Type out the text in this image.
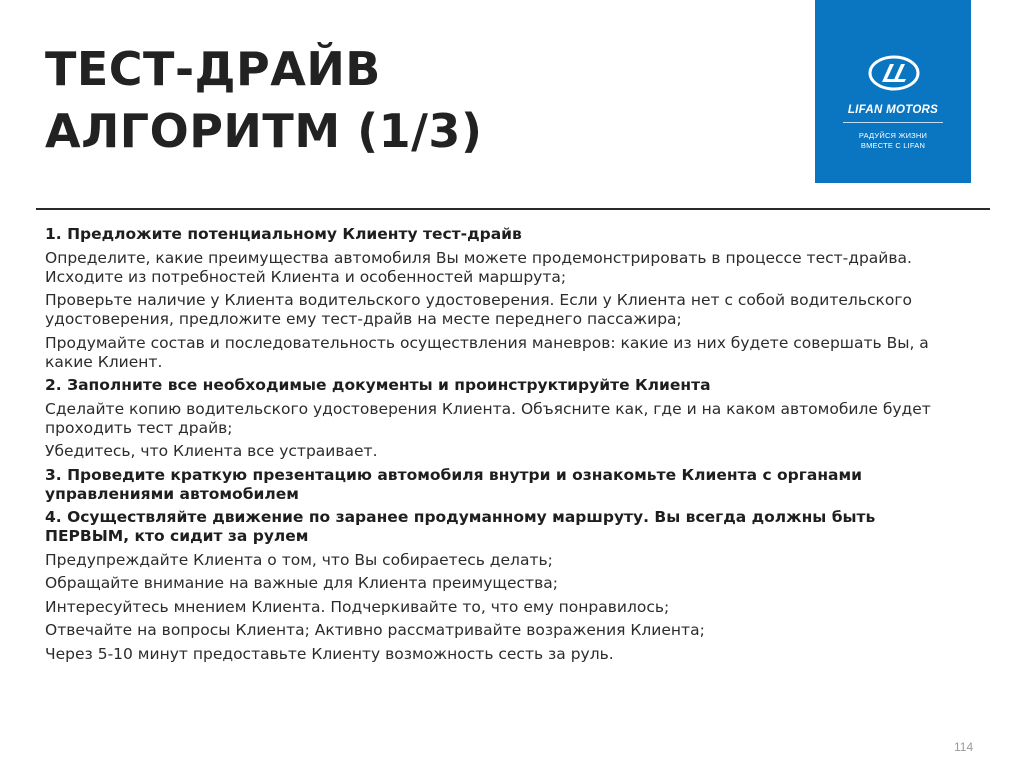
ТЕСТ-ДРАЙВ
АЛГОРИТМ (1/3)	LIFAN MOTORS
РАДУЙСЯ ЖИЗНИ
ВМЕСТЕ С LIFAN

1. Предложите потенциальному Клиенту тест-драйв

Определите, какие преимущества автомобиля Вы можете продемонстрировать в процессе тест-драйва. Исходите из потребностей Клиента и особенностей маршрута;

Проверьте наличие у Клиента водительского удостоверения. Если у Клиента нет с собой водительского удостоверения, предложите ему тест-драйв на месте переднего пассажира;

Продумайте состав и последовательность осуществления маневров: какие из них будете совершать Вы, а какие Клиент.

2. Заполните все необходимые документы и проинструктируйте Клиента

Сделайте копию водительского удостоверения Клиента. Объясните как, где и на каком автомобиле будет проходить тест драйв;

Убедитесь, что Клиента все устраивает.

3. Проведите краткую презентацию автомобиля внутри и ознакомьте Клиента с органами управлениями автомобилем

4. Осуществляйте движение по заранее продуманному маршруту. Вы всегда должны быть ПЕРВЫМ, кто сидит за рулем

Предупреждайте Клиента о том, что Вы собираетесь делать;

Обращайте внимание на важные для Клиента преимущества;

Интересуйтесь мнением Клиента. Подчеркивайте то, что ему понравилось;

Отвечайте на вопросы Клиента; Активно рассматривайте возражения Клиента;

Через 5-10 минут предоставьте Клиенту возможность сесть за руль.

114
